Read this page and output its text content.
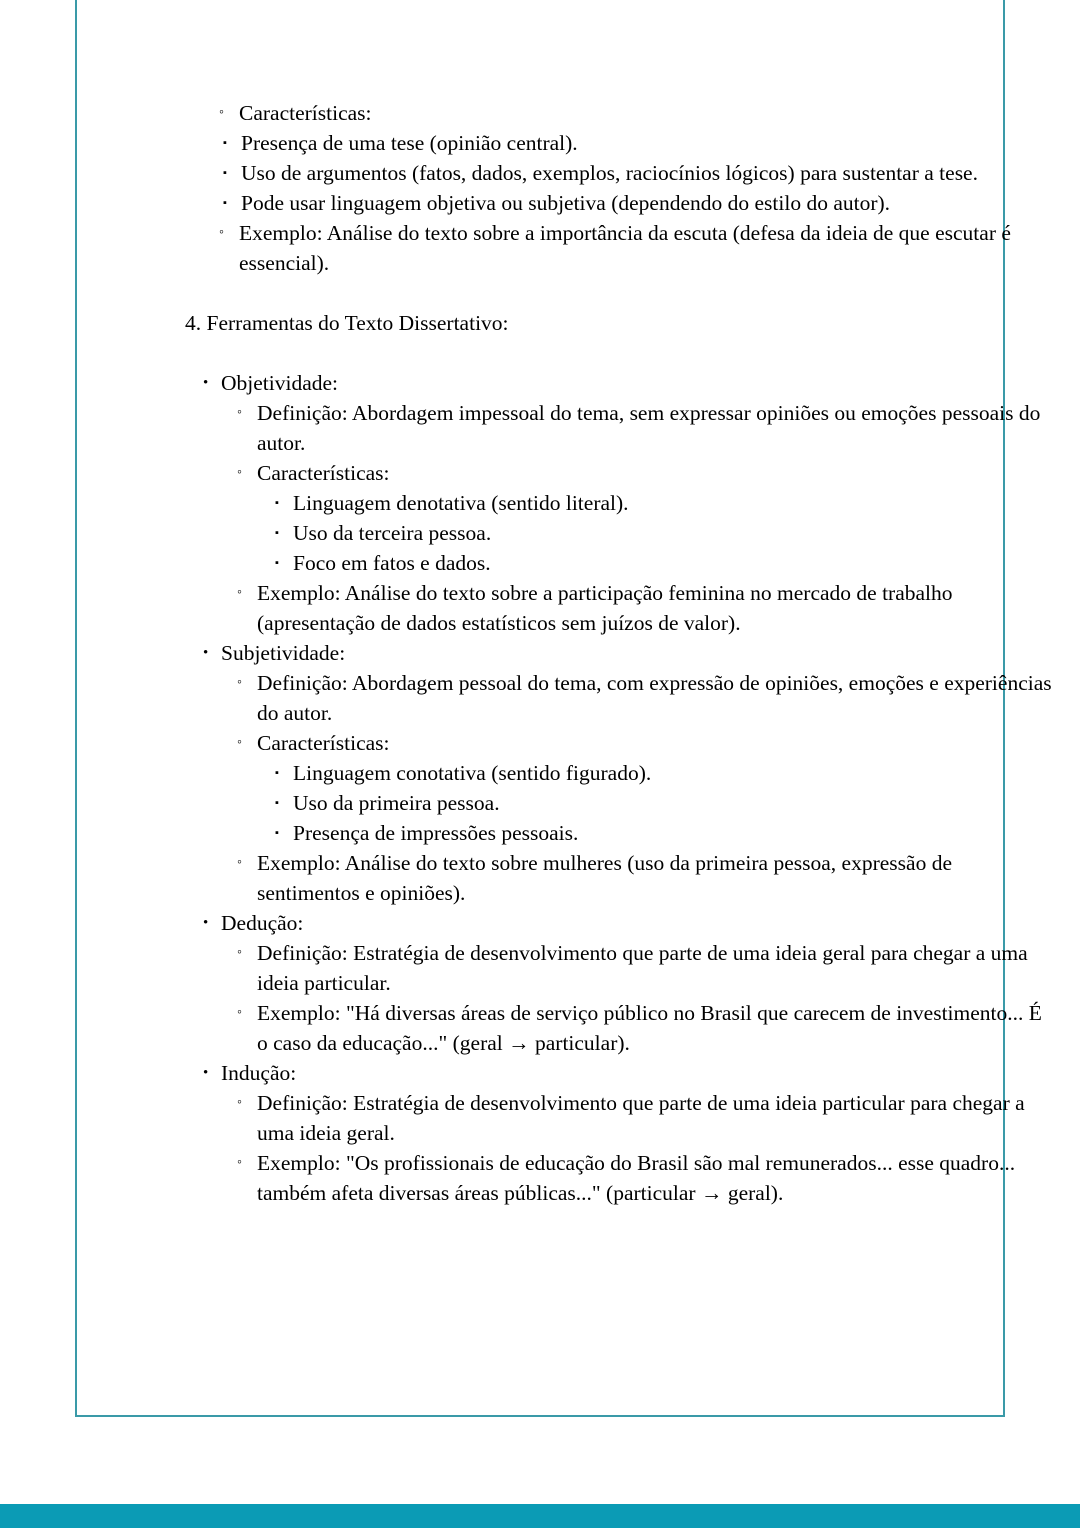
◦ Características:
▪ Presença de uma tese (opinião central).
▪ Uso de argumentos (fatos, dados, exemplos, raciocínios lógicos) para sustentar a tese.
▪ Pode usar linguagem objetiva ou subjetiva (dependendo do estilo do autor).
◦ Exemplo: Análise do texto sobre a importância da escuta (defesa da ideia de que escutar é essencial).
4. Ferramentas do Texto Dissertativo:
• Objetividade:
◦ Definição: Abordagem impessoal do tema, sem expressar opiniões ou emoções pessoais do autor.
◦ Características:
▪ Linguagem denotativa (sentido literal).
▪ Uso da terceira pessoa.
▪ Foco em fatos e dados.
◦ Exemplo: Análise do texto sobre a participação feminina no mercado de trabalho (apresentação de dados estatísticos sem juízos de valor).
• Subjetividade:
◦ Definição: Abordagem pessoal do tema, com expressão de opiniões, emoções e experiências do autor.
◦ Características:
▪ Linguagem conotativa (sentido figurado).
▪ Uso da primeira pessoa.
▪ Presença de impressões pessoais.
◦ Exemplo: Análise do texto sobre mulheres (uso da primeira pessoa, expressão de sentimentos e opiniões).
• Dedução:
◦ Definição: Estratégia de desenvolvimento que parte de uma ideia geral para chegar a uma ideia particular.
◦ Exemplo: "Há diversas áreas de serviço público no Brasil que carecem de investimento... É o caso da educação..." (geral → particular).
• Indução:
◦ Definição: Estratégia de desenvolvimento que parte de uma ideia particular para chegar a uma ideia geral.
◦ Exemplo: "Os profissionais de educação do Brasil são mal remunerados... esse quadro... também afeta diversas áreas públicas..." (particular → geral).
